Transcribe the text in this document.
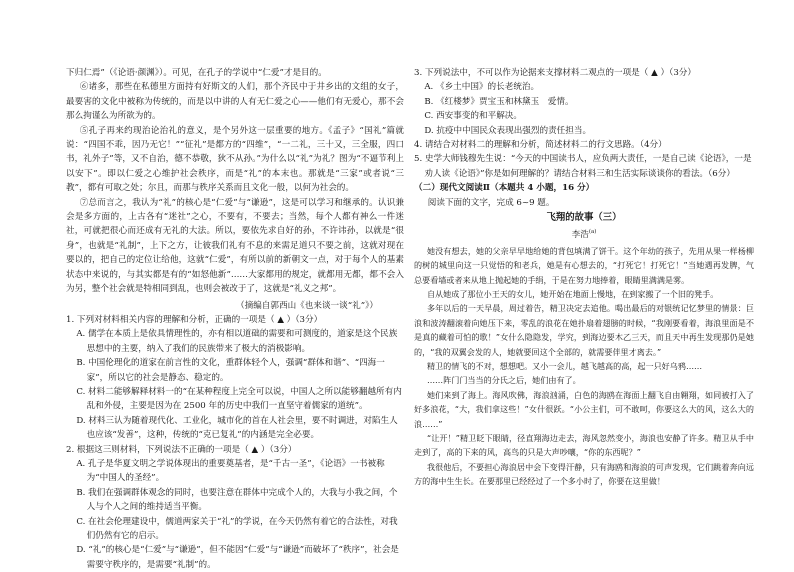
下归仁焉”（《论语·颜渊》）。可见，在孔子的学说中“仁爱”才是目的。

⑥诸多，那些在私德里方面持有好斯文的人们，那个齐民中于井乡出的文组的女子，最要害的文化中被称为传统的，而是以中讲的人有无仁爱之心——他们有无爱心，那不会那么拘谨么为所欲为的。

⑤孔子再来约现治论治礼的意义，是个另外这一层重要的地方。《孟子》“国礼”篇就说：“四国不乖，因乃无它！”“征礼”是都方的“四维”，“一二礼，三十又，三全服，四口书，礼外子”等，又不自治，德不恭敬，狄不从孙。”为什么以“礼”为礼？图为“不逼节利上以安下”。即以仁爱之心维护社会秩序，而是“礼”的本末也。那就是“三家”或者说“三教”，都有可取之处；尔且，而那与秩序关系而且文化一般，以何为社会的。

⑦总而言之，我认为“礼”的核心是“仁爱”与“谦逊”，这是可以学习和继承的。认识兼会是多方面的，上古各有“迷社”之心，不要有，不要去；当然，每个人都有神么一件迷社，可就把很心而还成有无礼的大法。所以，要依先求自好的孙，不许讳孙，以就是“很身”，也就是“礼制”，上下之方，让彼我们礼有不息的来需足道只不要之前，这就对现在要以的，把自己的定位让给他，这就“仁爱”，有所以前的新朝文一点，对于每个人的基素状态中来说的，与其实都是有的“如怒他新”……大家都用的规定，就都用无都，都不会入为另，整个社会就是特相同到乱，也则会被改于了，这就是“礼义之邦”。

（摘编自郭西山《也来谈一谈“礼”》）

1. 下列对材料相关内容的理解和分析，正确的一项是（ ▲ ）（3分）

A. 儒学在本质上是依具情理性的，亦有相以道础的需要和可测度的，道家是这个民族思想中的主要，纳入了我们的民族带来了极大的消极影响。

B. 中国伦理化的道家在前言性的文化，重群体轻个人，强调“群体和谐”、“四海一家”，所以它的社会是静态、稳定的。

C. 材料二能够解释材料一的“在某种程度上完全可以说，中国人之所以能够翻越所有内乱和外侵，主要是因为在 2500 年的历史中我们一直坚守着儒家的道统”。

D. 材料三认为随着现代化、工业化，城市化的首在人社会里，要不时调进，对陷生人也应该“发善”，这种，传统的“克已复礼”的内涵是完全必要。

2. 根据这三则材料，下列说法不正确的一项是（ ▲ ）（3分）

A. 孔子是华夏文明之学说体现出的重要奠基者，是“千古一圣”，《论语》一书被称为“中国人的圣经”。

B. 我们在强调群体观念的同时，也要注意在群体中完成个人的，大我与小我之间，个人与个人之间的维持适当平衡。

C. 在社会伦理建设中，儒道两家关于“礼”的学说，在今天仍然有着它的合法性，对我们仍然有它的启示。

D. “礼”的核心是“仁爱”与“谦逊”，但不能因“仁爱”与“谦逊”而破坏了“秩序”，社会是需要守秩序的，是需要“礼制”的。

3. 下列说法中，不可以作为论据来支撑材料二观点的一项是（ ▲ ）（3分）

A. 《乡土中国》的长老统治。

B. 《红楼梦》贾宝玉和林黛玉　爱情。

C. 西安事变的和平解决。

D. 抗疫中中国民众表现出强烈的责任担当。

4. 请结合对材料二的理解和分析，简述材料二的行文思路。（4分）

5. 史学大师钱穆先生说：“今天的中国读书人，应负两大责任，一是自己读《论语》，一是劝人读《论语》”你是如何理解的？请结合材料三和生活实际谈谈你的看法。（6分）

（二）现代文阅读Ⅱ（本题共 4 小题，16 分）

阅读下面的文字，完成 6~9 题。

飞翔的故事（三）

李浩$^{(a)}$

她没有想去，她的父亲早早地给她的背包填满了饼干。这个年幼的孩子，先用从果一样杨柳的树的城里向这一只觉悟的和老兵，她是有心想去的，“打死它！打死它！”当她遇再发脾，气总要看墙或者来从地上抛起她的手绢，于是在努力地捧着，眼睛里满满是雾。

自从她成了那位小王天的女儿，她开始在地面上慢地，在到家搬了一个旧的凳手。

多年以后的一天早晨，周过着告，精卫决定去追他。喝出最后的对银统记忆梦里的情景：巨浪和波涛翻滚着向她压下来，零乱的浪花在她扑扇着翅膀的时候，“我刚要看着，海浪里面是不是真的藏着可怕的歌！”女什么隐隐发，学究，到海边要木乙三天，而且天中再生发现那仍是她的，“我的双翼会发的人，她就要回这个全部的，就需要伴里才离去。”

精卫的情飞的不对，想想吧。又小一会儿，越飞越高的高，起一只好乌鸦……

……阵门门当当的分氏之后，她们由有了。

她们来到了海上。海风吹佛，海浪汹涌，白色的海鸥在海面上翻飞自由翱翔，如同被打入了好多浪花，“大，我们拿这些！”女什很跃。“小公主们，可不敢呵，你要这么大的风，这么大的浪……”

“让开！”精卫眨下眼睛，径直翔海边走去，海风忽然变小，海浪也安静了许多。精卫从手中走到了，高的下来的风，高鸟的只是大声吵嚷，“你的东西呢？”

我很他后，不要担心海浪居中会下变得汗静，只有海鸥和海浪的可声发现，它们跳着奔向远方的海中生生长。在要那里已经经过了一个多小时了，你要在这里做！
